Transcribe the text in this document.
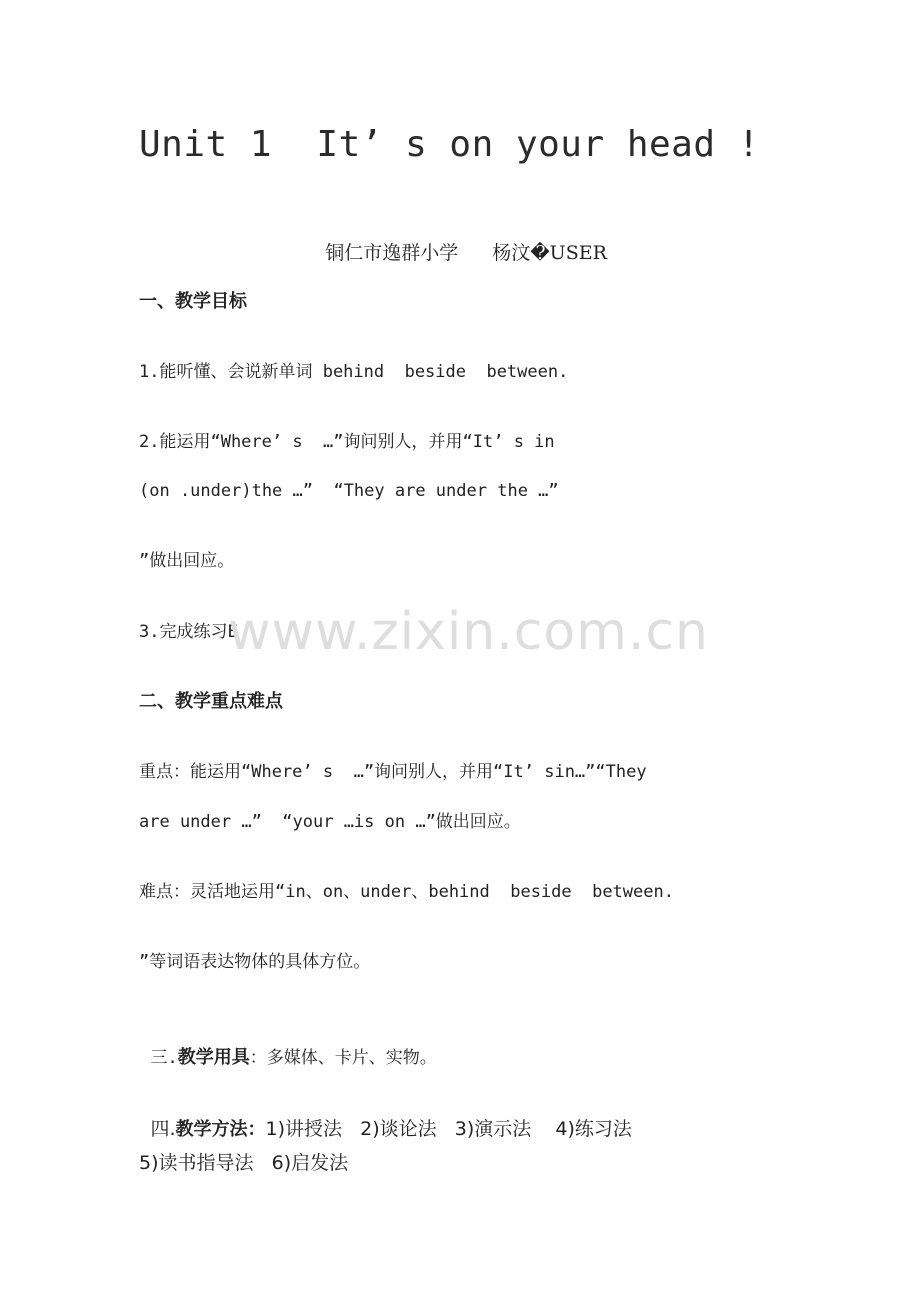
Unit 1  It’ s on your head !

铜仁市逸群小学 杨汶�USER

一、教学目标
1.能听懂、会说新单词 behind  beside  between.
2.能运用“Where’ s  …”询问别人，并用“It’ s in
(on .under)the …”  “They are under the …”
”做出回应。
3.完成练习E
二、教学重点难点
重点：能运用“Where’ s  …”询问别人，并用“It’ sin…”“They
are under …”  “your …is on …”做出回应。
难点：灵活地运用“in、on、under、behind  beside  between.
”等词语表达物体的具体方位。

三.教学用具：多媒体、卡片、实物。

四.教学方法：1)讲授法   2)谈论法   3)演示法    4)练习法

5)读书指导法   6)启发法
www.zixin.com.cn
